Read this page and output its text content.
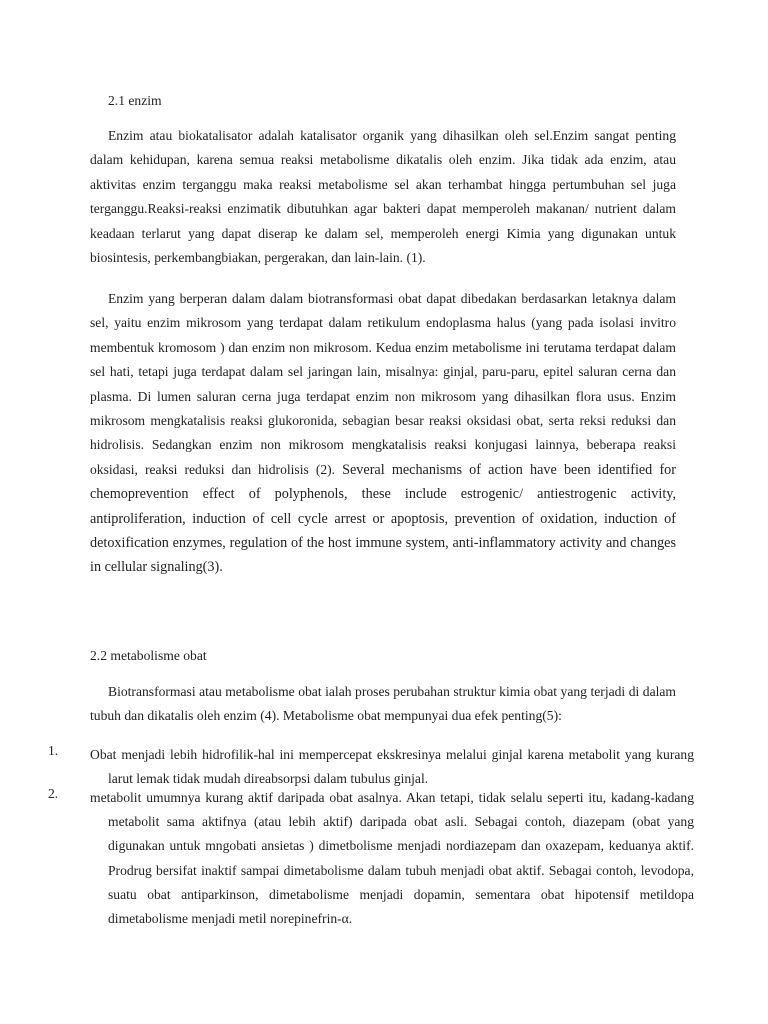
2.1 enzim

Enzim atau biokatalisator adalah katalisator organik yang dihasilkan oleh sel.Enzim sangat penting dalam kehidupan, karena semua reaksi metabolisme dikatalis oleh enzim. Jika tidak ada enzim, atau aktivitas enzim terganggu maka reaksi metabolisme sel akan terhambat hingga pertumbuhan sel juga terganggu.Reaksi-reaksi enzimatik dibutuhkan agar bakteri dapat memperoleh makanan/ nutrient dalam keadaan terlarut yang dapat diserap ke dalam sel, memperoleh energi Kimia yang digunakan untuk biosintesis, perkembangbiakan, pergerakan, dan lain-lain. (1).

Enzim yang berperan dalam dalam biotransformasi obat dapat dibedakan berdasarkan letaknya dalam sel, yaitu enzim mikrosom yang terdapat dalam retikulum endoplasma halus (yang pada isolasi invitro membentuk kromosom ) dan enzim non mikrosom. Kedua enzim metabolisme ini terutama terdapat dalam sel hati, tetapi juga terdapat dalam sel jaringan lain, misalnya: ginjal, paru-paru, epitel saluran cerna dan plasma. Di lumen saluran cerna juga terdapat enzim non mikrosom yang dihasilkan flora usus. Enzim mikrosom mengkatalisis reaksi glukoronida, sebagian besar reaksi oksidasi obat, serta reksi reduksi dan hidrolisis. Sedangkan enzim non mikrosom mengkatalisis reaksi konjugasi lainnya, beberapa reaksi oksidasi, reaksi reduksi dan hidrolisis (2). Several mechanisms of action have been identified for chemoprevention effect of polyphenols, these include estrogenic/ antiestrogenic activity, antiproliferation, induction of cell cycle arrest or apoptosis, prevention of oxidation, induction of detoxification enzymes, regulation of the host immune system, anti-inflammatory activity and changes in cellular signaling(3).

2.2 metabolisme obat

Biotransformasi atau metabolisme obat ialah proses perubahan struktur kimia obat yang terjadi di dalam tubuh dan dikatalis oleh enzim (4). Metabolisme obat mempunyai dua efek penting(5):

1. Obat menjadi lebih hidrofilik-hal ini mempercepat ekskresinya melalui ginjal karena metabolit yang kurang larut lemak tidak mudah direabsorpsi dalam tubulus ginjal.

2. metabolit umumnya kurang aktif daripada obat asalnya. Akan tetapi, tidak selalu seperti itu, kadang-kadang metabolit sama aktifnya (atau lebih aktif) daripada obat asli. Sebagai contoh, diazepam (obat yang digunakan untuk mngobati ansietas ) dimetbolisme menjadi nordiazepam dan oxazepam, keduanya aktif. Prodrug bersifat inaktif sampai dimetabolisme dalam tubuh menjadi obat aktif. Sebagai contoh, levodopa, suatu obat antiparkinson, dimetabolisme menjadi dopamin, sementara obat hipotensif metildopa dimetabolisme menjadi metil norepinefrin-α.
